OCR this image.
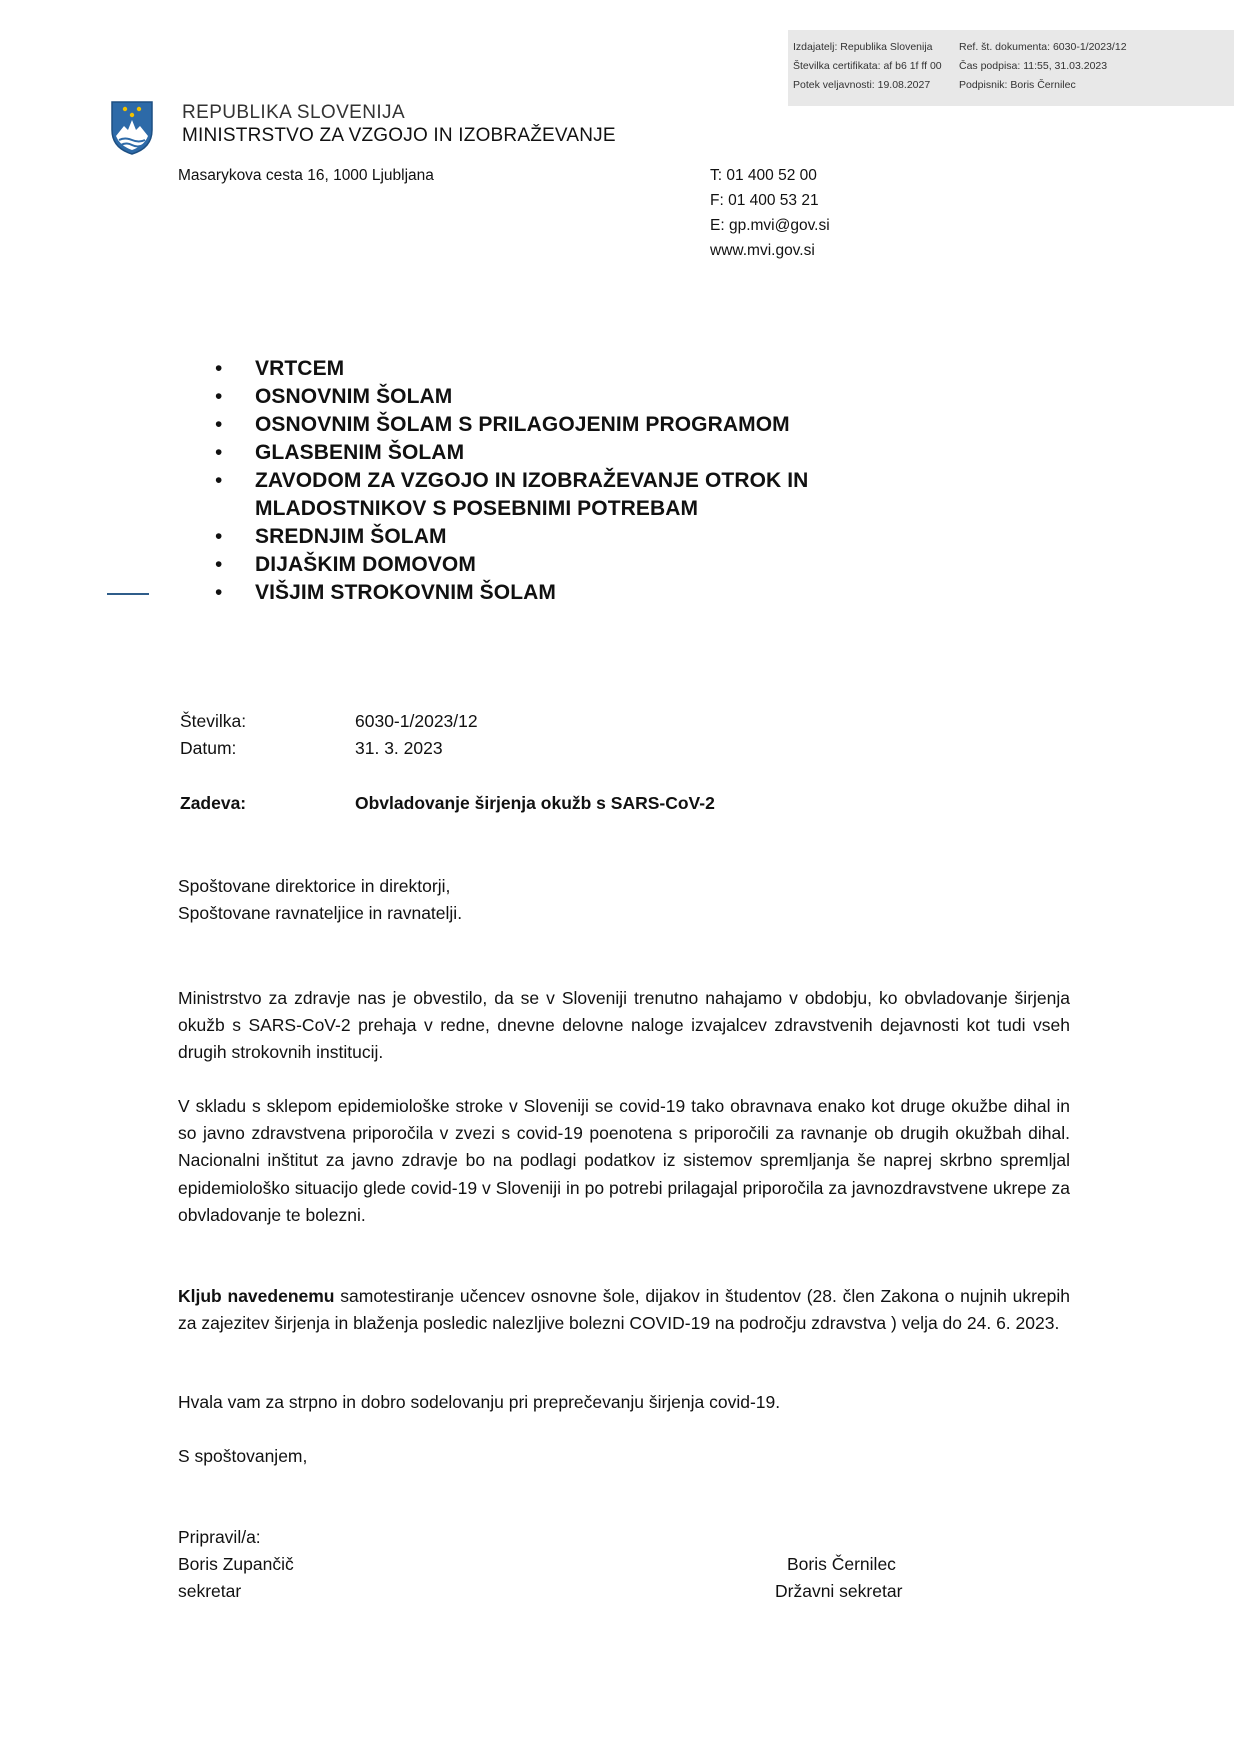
Izdajatelj: Republika Slovenija	Ref. št. dokumenta: 6030-1/2023/12
Številka certifikata: af b6 1f ff 00 Čas podpisa: 11:55, 31.03.2023
Potek veljavnosti: 19.08.2027	Podpisnik: Boris Černilec
REPUBLIKA SLOVENIJA
MINISTRSTVO ZA VZGOJO IN IZOBRAŽEVANJE
Masarykova cesta 16, 1000 Ljubljana	T: 01 400 52 00
F: 01 400 53 21
E: gp.mvi@gov.si
www.mvi.gov.si
• VRTCEM
• OSNOVNIM ŠOLAM
• OSNOVNIM ŠOLAM S PRILAGOJENIM PROGRAMOM
• GLASBENIM ŠOLAM
• ZAVODOM ZA VZGOJO IN IZOBRAŽEVANJE OTROK IN MLADOSTNIKOV S POSEBNIMI POTREBAM
• SREDNJIM ŠOLAM
• DIJAŠKIM DOMOVOM
• VIŠJIM STROKOVNIM ŠOLAM
Številka:	6030-1/2023/12
Datum:	31. 3. 2023
Zadeva:	Obvladovanje širjenja okužb s SARS-CoV-2
Spoštovane direktorice in direktorji,
Spoštovane ravnateljice in ravnatelji.

Ministrstvo za zdravje nas je obvestilo, da se v Sloveniji trenutno nahajamo v obdobju, ko obvladovanje širjenja okužb s SARS-CoV-2 prehaja v redne, dnevne delovne naloge izvajalcev zdravstvenih dejavnosti kot tudi vseh drugih strokovnih institucij.

V skladu s sklepom epidemiološke stroke v Sloveniji se covid-19 tako obravnava enako kot druge okužbe dihal in so javno zdravstvena priporočila v zvezi s covid-19 poenotena s priporočili za ravnanje ob drugih okužbah dihal. Nacionalni inštitut za javno zdravje bo na podlagi podatkov iz sistemov spremljanja še naprej skrbno spremljal epidemiološko situacijo glede covid-19 v Sloveniji in po potrebi prilagajal priporočila za javnozdravstvene ukrepe za obvladovanje te bolezni.

Kljub navedenemu samotestiranje učencev osnovne šole, dijakov in študentov (28. člen Zakona o nujnih ukrepih za zajezitev širjenja in blaženja posledic nalezljive bolezni COVID-19 na področju zdravstva ) velja do 24. 6. 2023.

Hvala vam za strpno in dobro sodelovanju pri preprečevanju širjenja covid-19.
S spoštovanjem,
Pripravil/a:
Boris Zupančič
sekretar
Boris Černilec
Državni sekretar
